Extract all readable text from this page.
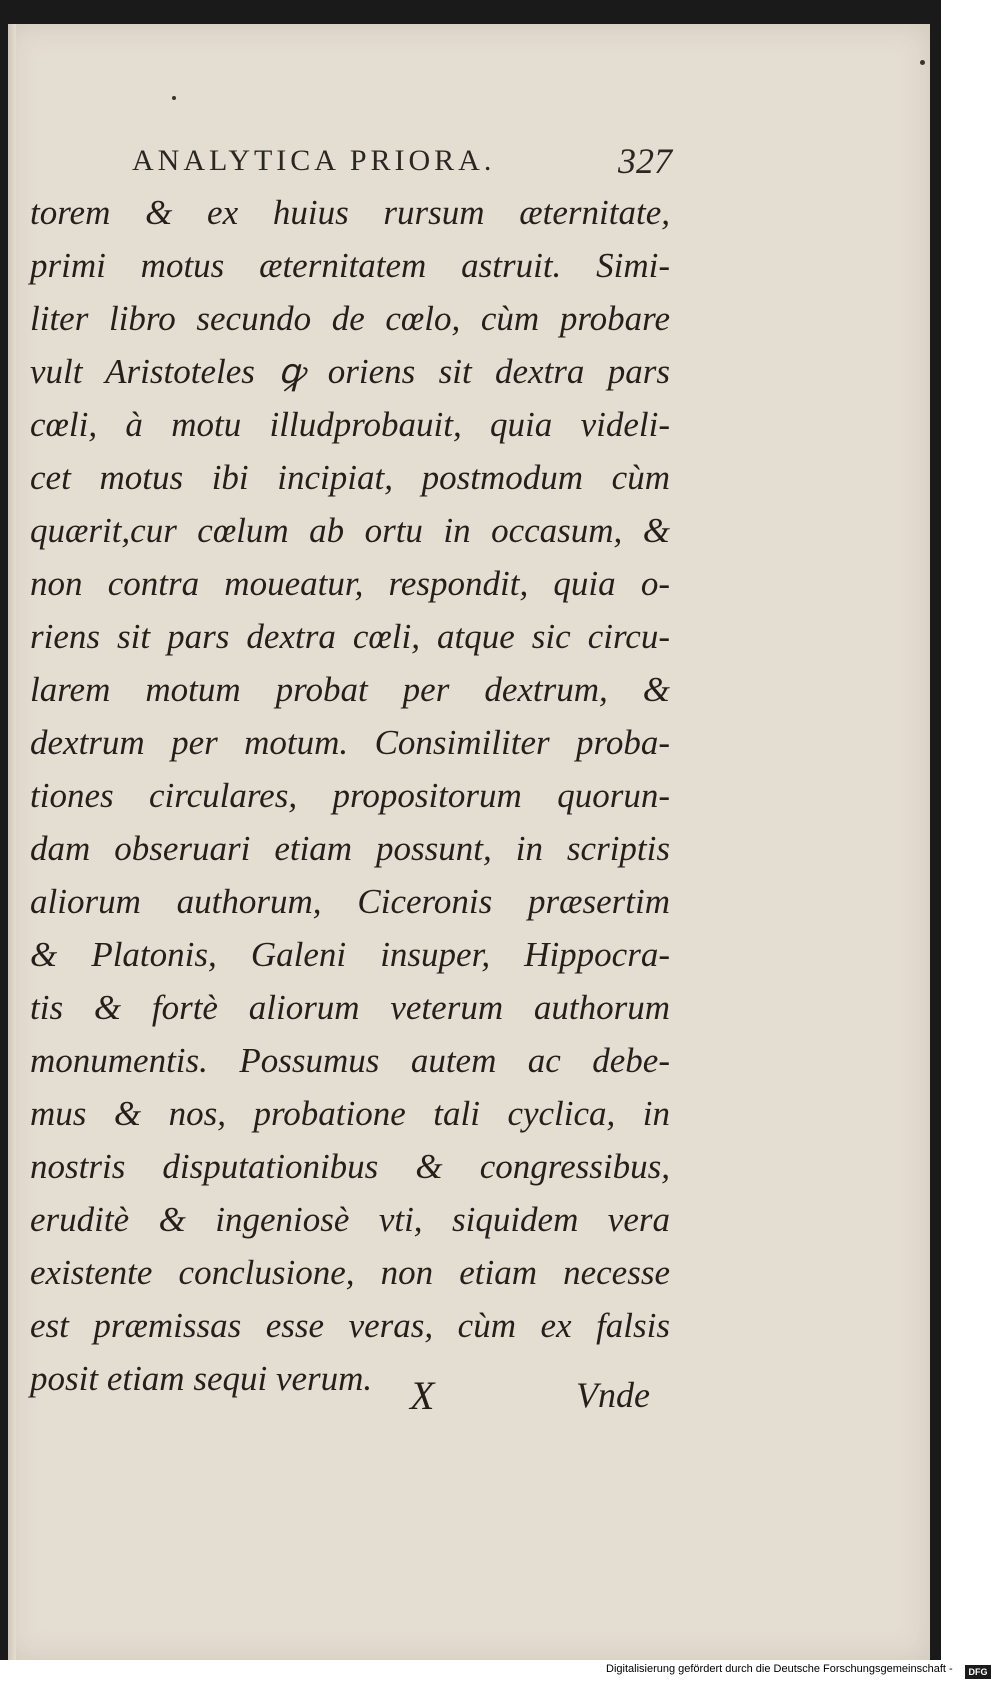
ANALYTICA PRIORA.	327
torem & ex huius rursum æternitate,
primi motus æternitatem astruit. Simi-
liter libro secundo de cœlo, cùm probare
vult Aristoteles ꝙ oriens sit dextra pars
cœli, à motu illudprobauit, quia videli-
cet motus ibi incipiat, postmodum cùm
quærit,cur cœlum ab ortu in occasum, &
non contra moueatur, respondit, quia o-
riens sit pars dextra cœli, atque sic circu-
larem motum probat per dextrum, &
dextrum per motum. Consimiliter proba-
tiones circulares, propositorum quorun-
dam obseruari etiam possunt, in scriptis
aliorum authorum, Ciceronis præsertim
& Platonis, Galeni insuper, Hippocra-
tis & fortè aliorum veterum authorum
monumentis. Possumus autem ac debe-
mus & nos, probatione tali cyclica, in
nostris disputationibus & congressibus,
eruditè & ingeniosè vti, siquidem vera
existente conclusione, non etiam necesse
est præmissas esse veras, cùm ex falsis
posit etiam sequi verum. X	Vnde
Digitalisierung gefördert durch die Deutsche Forschungsgemeinschaft -	DFG
